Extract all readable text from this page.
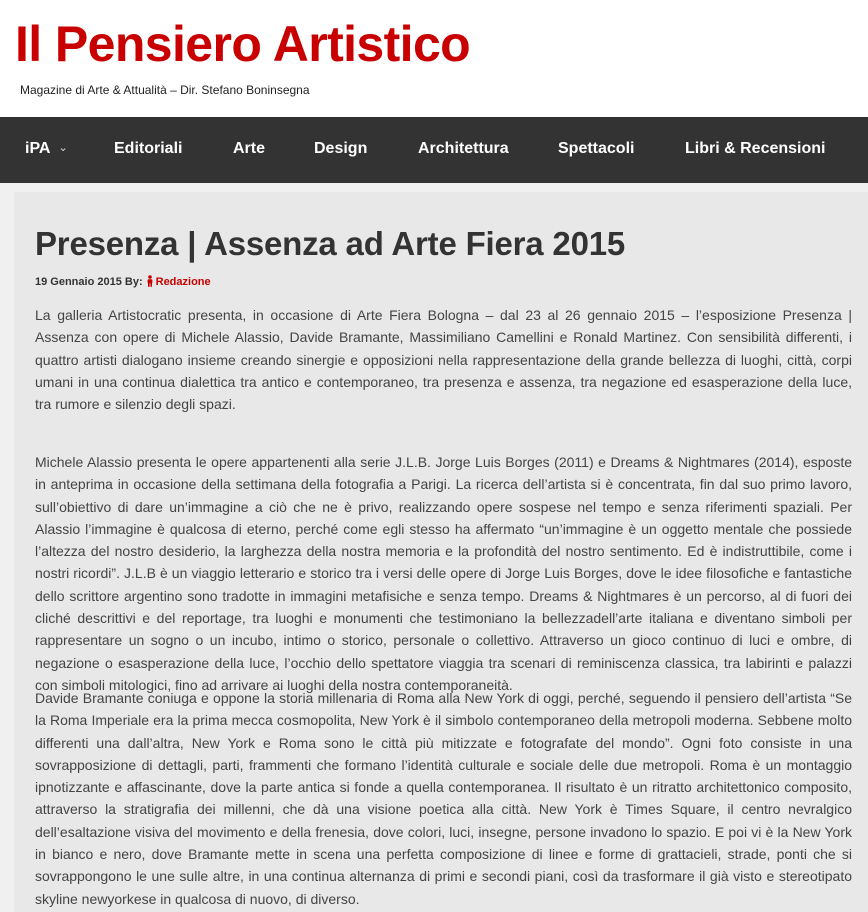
Il Pensiero Artistico
Magazine di Arte & Attualità – Dir. Stefano Boninsegna
iPA ⌄	Editoriali	Arte	Design	Architettura	Spettacoli	Libri & Recensioni
Presenza | Assenza ad Arte Fiera 2015
19 Gennaio 2015 By: Redazione

La galleria Artistocratic presenta, in occasione di Arte Fiera Bologna – dal 23 al 26 gennaio 2015 – l’esposizione Presenza | Assenza con opere di Michele Alassio, Davide Bramante, Massimiliano Camellini e Ronald Martinez. Con sensibilità differenti, i quattro artisti dialogano insieme creando sinergie e opposizioni nella rappresentazione della grande bellezza di luoghi, città, corpi umani in una continua dialettica tra antico e contemporaneo, tra presenza e assenza, tra negazione ed esasperazione della luce, tra rumore e silenzio degli spazi.

Michele Alassio presenta le opere appartenenti alla serie J.L.B. Jorge Luis Borges (2011) e Dreams & Nightmares (2014), esposte in anteprima in occasione della settimana della fotografia a Parigi. La ricerca dell’artista si è concentrata, fin dal suo primo lavoro, sull’obiettivo di dare un’immagine a ciò che ne è privo, realizzando opere sospese nel tempo e senza riferimenti spaziali. Per Alassio l’immagine è qualcosa di eterno, perché come egli stesso ha affermato “un’immagine è un oggetto mentale che possiede l’altezza del nostro desiderio, la larghezza della nostra memoria e la profondità del nostro sentimento. Ed è indistruttibile, come i nostri ricordi”. J.L.B è un viaggio letterario e storico tra i versi delle opere di Jorge Luis Borges, dove le idee filosofiche e fantastiche dello scrittore argentino sono tradotte in immagini metafisiche e senza tempo. Dreams & Nightmares è un percorso, al di fuori dei cliché descrittivi e del reportage, tra luoghi e monumenti che testimoniano la bellezzadell’arte italiana e diventano simboli per rappresentare un sogno o un incubo, intimo o storico, personale o collettivo. Attraverso un gioco continuo di luci e ombre, di negazione o esasperazione della luce, l’occhio dello spettatore viaggia tra scenari di reminiscenza classica, tra labirinti e palazzi con simboli mitologici, fino ad arrivare ai luoghi della nostra contemporaneità.

Davide Bramante coniuga e oppone la storia millenaria di Roma alla New York di oggi, perché, seguendo il pensiero dell’artista “Se la Roma Imperiale era la prima mecca cosmopolita, New York è il simbolo contemporaneo della metropoli moderna. Sebbene molto differenti una dall’altra, New York e Roma sono le città più mitizzate e fotografate del mondo”. Ogni foto consiste in una sovrapposizione di dettagli, parti, frammenti che formano l’identità culturale e sociale delle due metropoli. Roma è un montaggio ipnotizzante e affascinante, dove la parte antica si fonde a quella contemporanea. Il risultato è un ritratto architettonico composito, attraverso la stratigrafia dei millenni, che dà una visione poetica alla città. New York è Times Square, il centro nevralgico dell’esaltazione visiva del movimento e della frenesia, dove colori, luci, insegne, persone invadono lo spazio. E poi vi è la New York in bianco e nero, dove Bramante mette in scena una perfetta composizione di linee e forme di grattacieli, strade, ponti che si sovrappongono le une sulle altre, in una continua alternanza di primi e secondi piani, così da trasformare il già visto e stereotipato skyline newyorkese in qualcosa di nuovo, di diverso.
